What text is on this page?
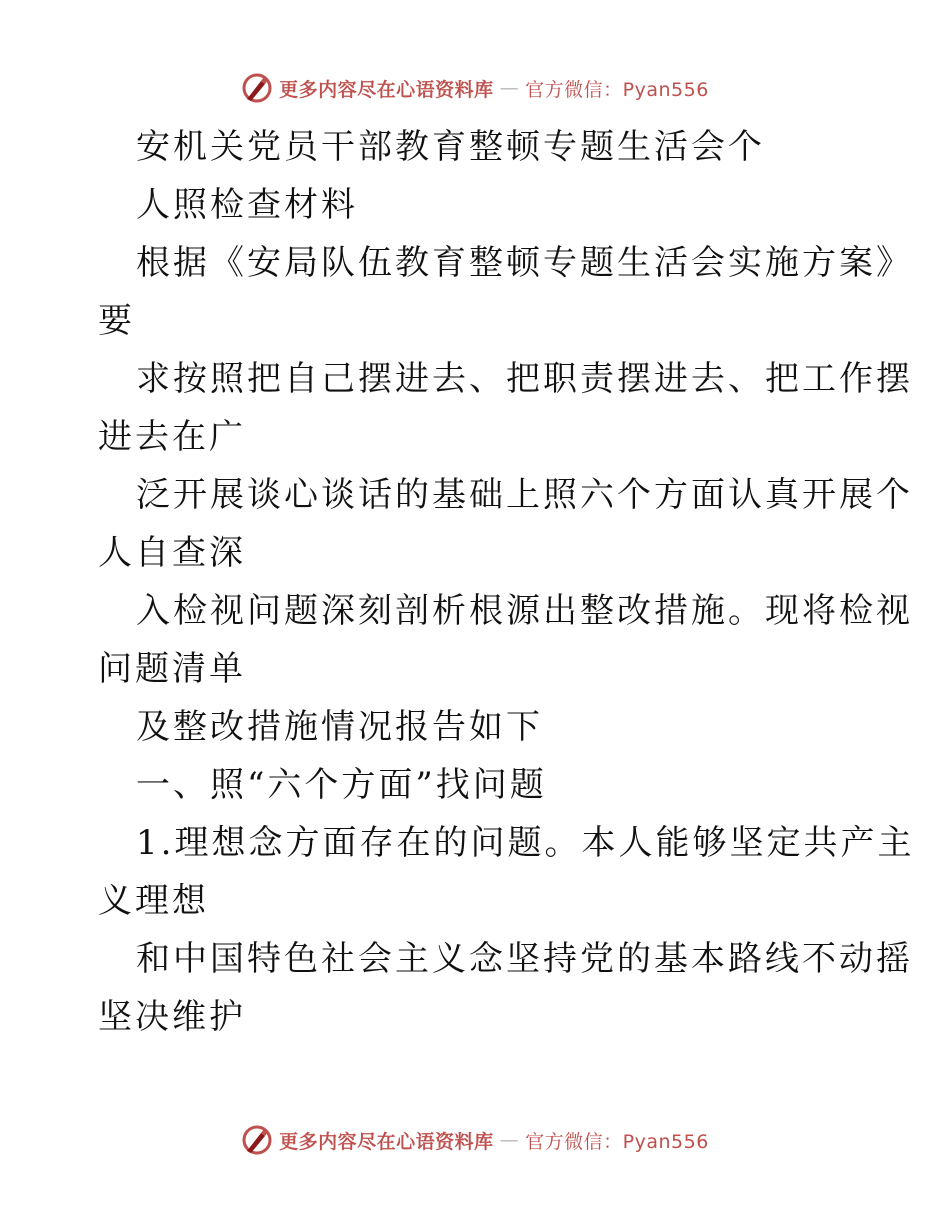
更多内容尽在心语资料库 — 官方微信：Pyan556

安机关党员干部教育整顿专题生活会个

人照检查材料

根据《安局队伍教育整顿专题生活会实施方案》

要

求按照把自己摆进去、把职责摆进去、把工作摆

进去在广

泛开展谈心谈话的基础上照六个方面认真开展个

人自查深

入检视问题深刻剖析根源出整改措施。现将检视

问题清单

及整改措施情况报告如下

一、照“六个方面”找问题

1.理想念方面存在的问题。本人能够坚定共产主

义理想

和中国特色社会主义念坚持党的基本路线不动摇

坚决维护

更多内容尽在心语资料库 — 官方微信：Pyan556
